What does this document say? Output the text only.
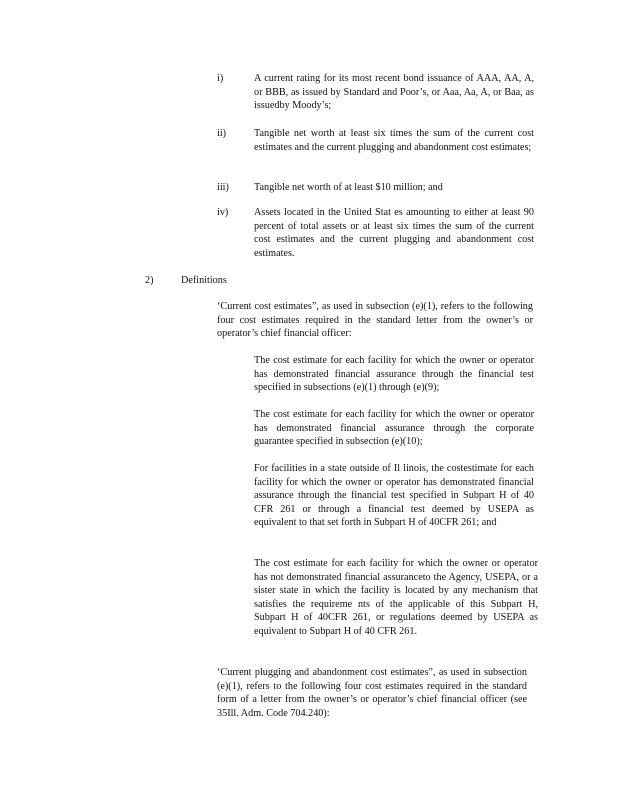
i)	A current rating for its most recent bond issuance of AAA, AA, A, or BBB, as issued by Standard and Poor’s, or Aaa, Aa, A, or Baa, as issuedby Moody’s;
ii)	Tangible net worth at least six times the sum of the current cost estimates and the current plugging and abandonment cost estimates;
iii)	Tangible net worth of at least $10 million; and
iv)	Assets located in the United Stat es amounting to either at least 90 percent of total assets or at least six times the sum of the current cost estimates and the current plugging and abandonment cost estimates.
2)	Definitions
‘Current cost estimates”, as used in subsection (e)(1), refers to the following four cost estimates required in the standard letter from the owner’s or operator’s chief financial officer:
The cost estimate for each facility for which the owner or operator has demonstrated financial assurance through the financial test specified in subsections (e)(1) through (e)(9);
The cost estimate for each facility for which the owner or operator has demonstrated financial assurance through the corporate guarantee specified in subsection (e)(10);
For facilities in a state outside of Il linois, the costestimate for each facility for which the owner or operator has demonstrated financial assurance through the financial test specified in Subpart H of 40 CFR 261 or through a financial test deemed by USEPA as equivalent to that set forth in Subpart H of 40CFR 261; and
The cost estimate for each facility for which the owner or operator has not demonstrated financial assuranceto the Agency, USEPA, or a sister state in which the facility is located by any mechanism that satisfies the requireme nts of the applicable of this Subpart H, Subpart H of 40CFR 261, or regulations deemed by USEPA as equivalent to Subpart H of 40 CFR 261.
‘Current plugging and abandonment cost estimates”, as used in subsection (e)(1), refers to the following four cost estimates required in the standard form of a letter from the owner’s or operator’s chief financial officer (see 35Ill. Adm. Code 704.240):
